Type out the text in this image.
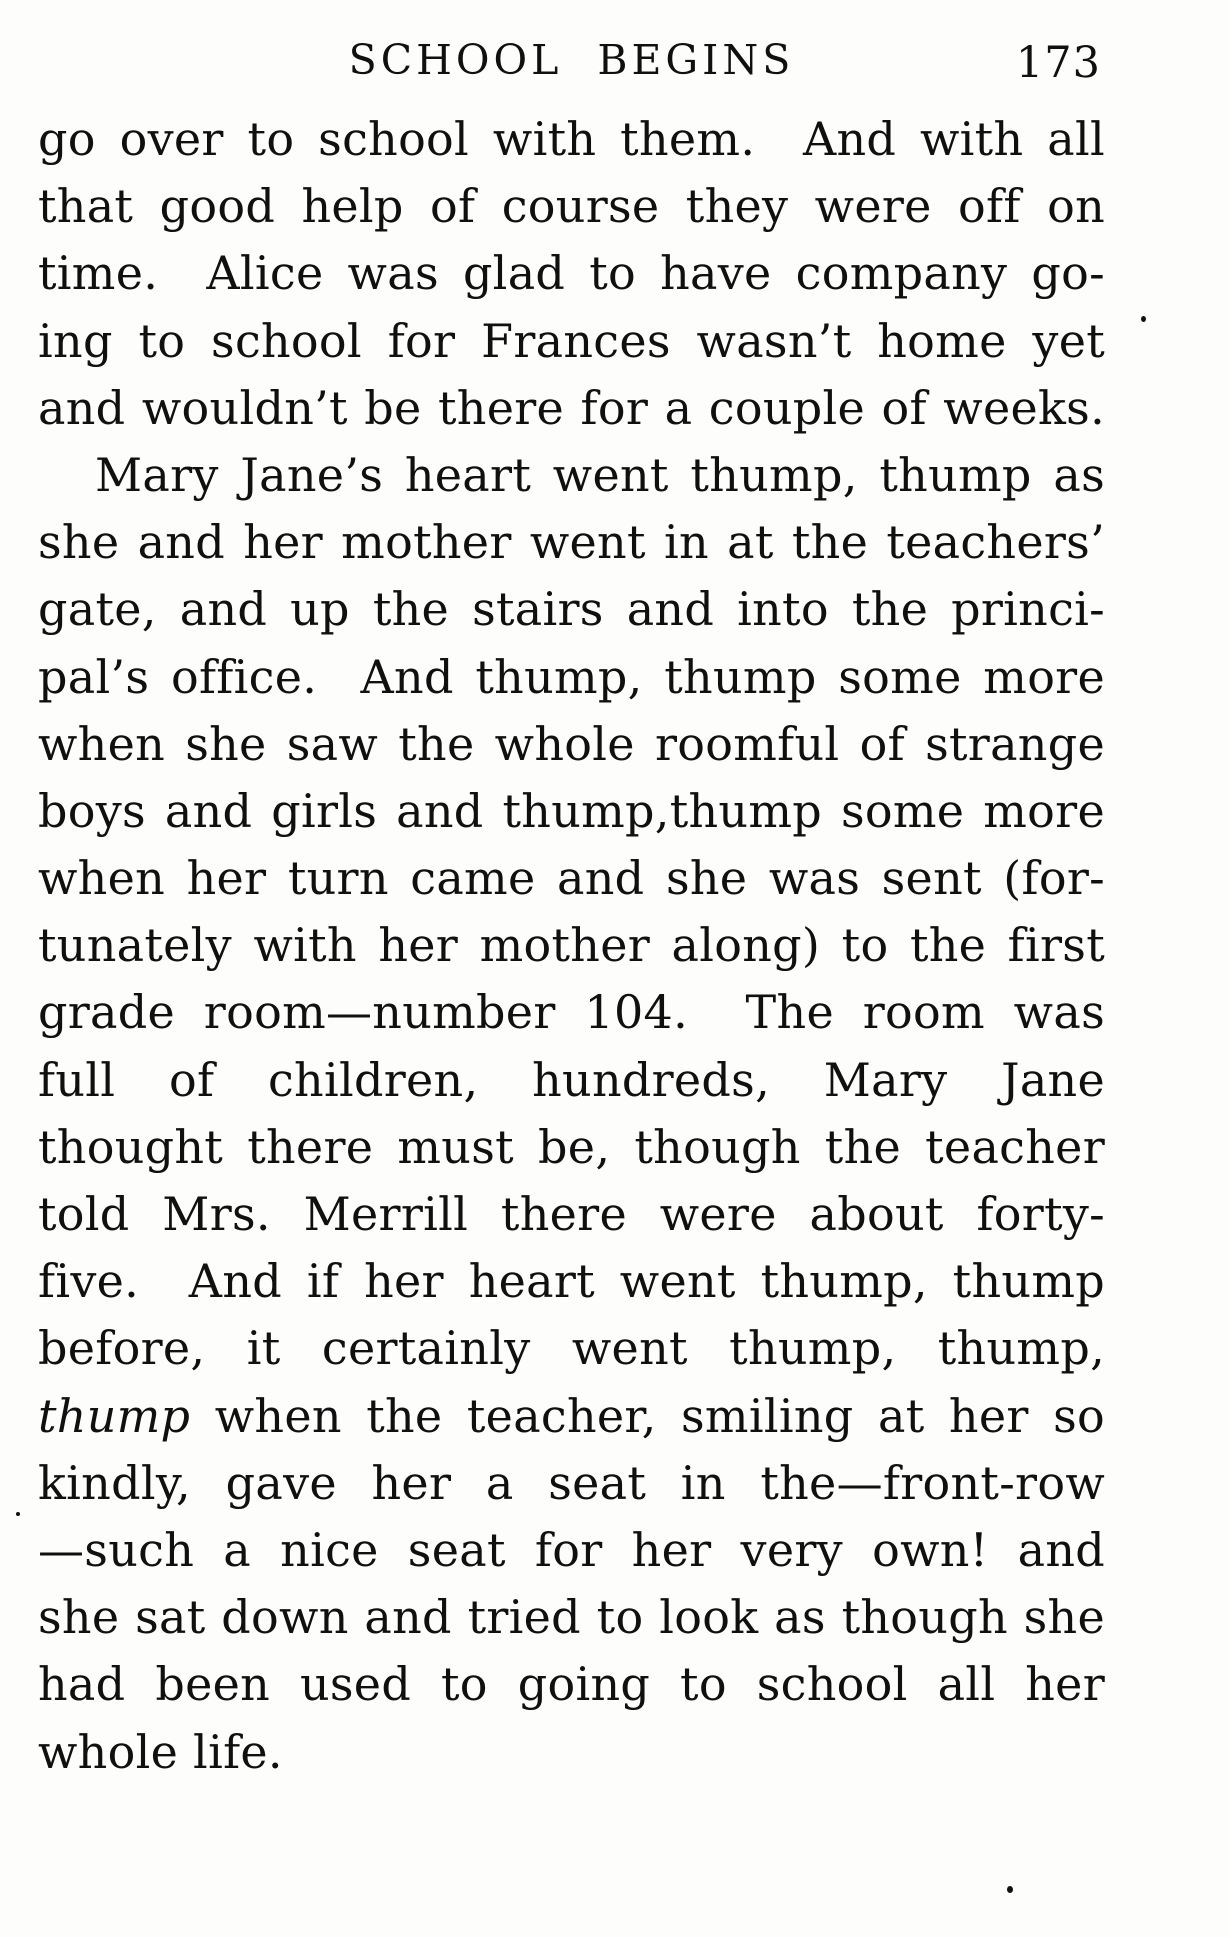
SCHOOL BEGINS	173
go over to school with them.  And with all
that good help of course they were off on
time.  Alice was glad to have company go-
ing to school for Frances wasn’t home yet
and wouldn’t be there for a couple of weeks.
Mary Jane’s heart went thump, thump as
she and her mother went in at the teachers’
gate, and up the stairs and into the princi-
pal’s office.  And thump, thump some more
when she saw the whole roomful of strange
boys and girls and thump,thump some more
when her turn came and she was sent (for-
tunately with her mother along) to the first
grade room—number 104.  The room was
full of children, hundreds, Mary Jane
thought there must be, though the teacher
told Mrs. Merrill there were about forty-
five.  And if her heart went thump, thump
before, it certainly went thump, thump,
thump when the teacher, smiling at her so
kindly, gave her a seat in the—front-row
—such a nice seat for her very own! and
she sat down and tried to look as though she
had been used to going to school all her
whole life.
